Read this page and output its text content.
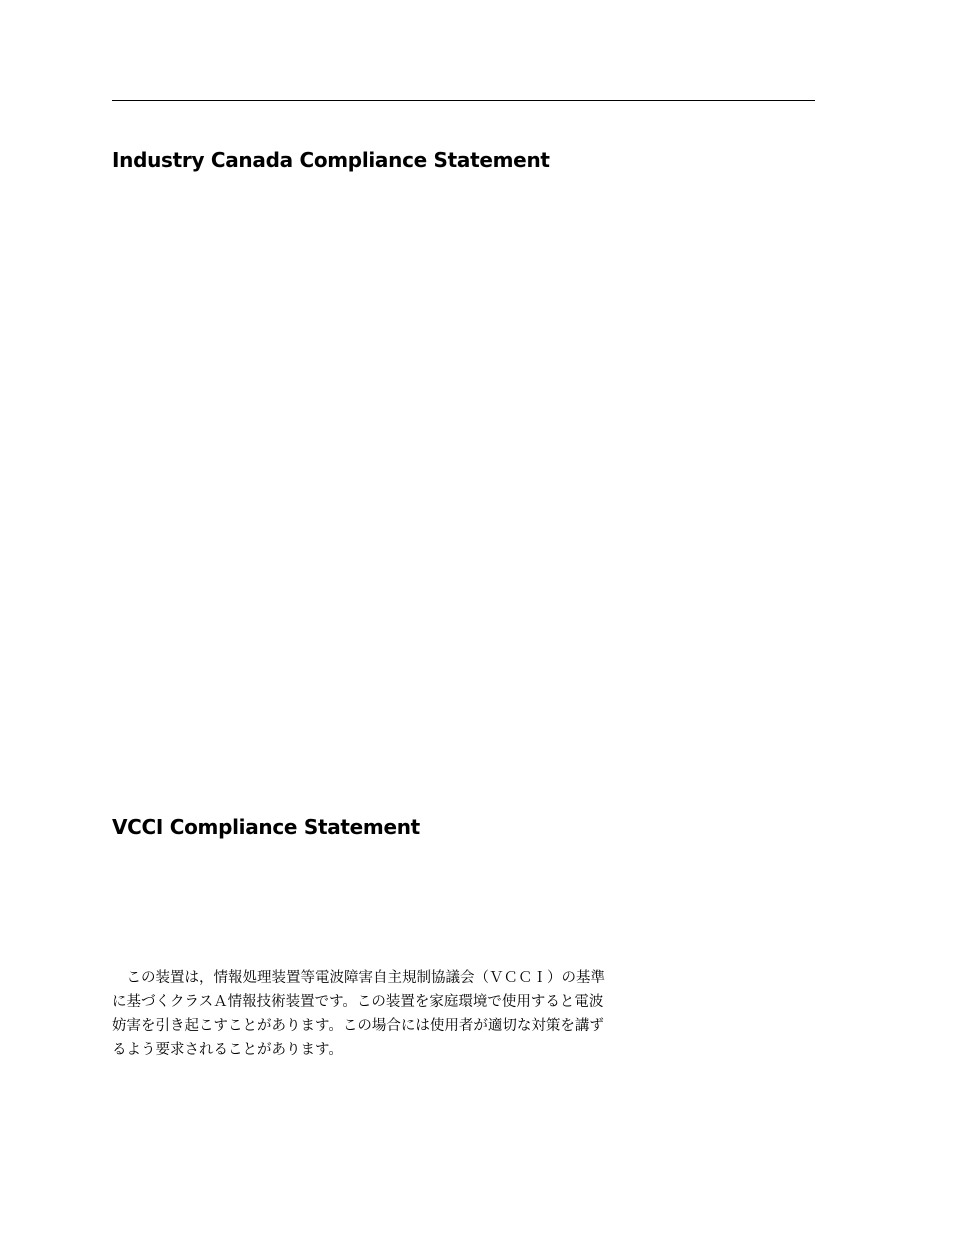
Industry Canada Compliance Statement
VCCI Compliance Statement
　この装置は，情報処理装置等電波障害自主規制協議会（ＶＣＣＩ）の基準
に基づくクラスＡ情報技術装置です。この装置を家庭環境で使用すると電波
妨害を引き起こすことがあります。この場合には使用者が適切な対策を講ず
るよう要求されることがあります。
